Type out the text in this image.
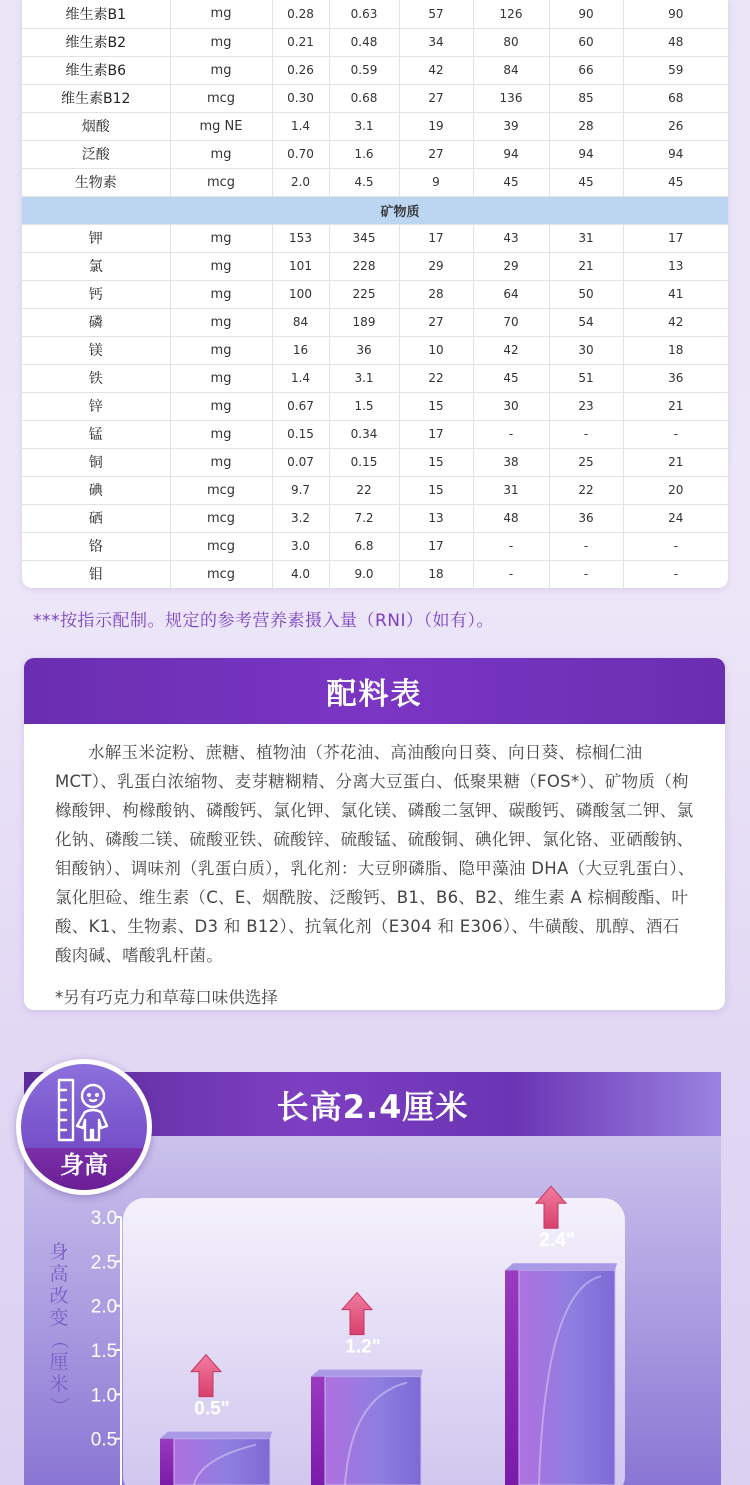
维生素B1	mg	0.28	0.63	57	126	90	90
维生素B2	mg	0.21	0.48	34	80	60	48
维生素B6	mg	0.26	0.59	42	84	66	59
维生素B12	mcg	0.30	0.68	27	136	85	68
烟酸	mg NE	1.4	3.1	19	39	28	26
泛酸	mg	0.70	1.6	27	94	94	94
生物素	mcg	2.0	4.5	9	45	45	45
矿物质							
钾	mg	153	345	17	43	31	17
氯	mg	101	228	29	29	21	13
钙	mg	100	225	28	64	50	41
磷	mg	84	189	27	70	54	42
镁	mg	16	36	10	42	30	18
铁	mg	1.4	3.1	22	45	51	36
锌	mg	0.67	1.5	15	30	23	21
锰	mg	0.15	0.34	17	-	-	-
铜	mg	0.07	0.15	15	38	25	21
碘	mcg	9.7	22	15	31	22	20
硒	mcg	3.2	7.2	13	48	36	24
铬	mcg	3.0	6.8	17	-	-	-
钼	mcg	4.0	9.0	18	-	-	-
***按指示配制。规定的参考营养素摄入量（RNI）（如有）。
配料表

水解玉米淀粉、蔗糖、植物油（芥花油、高油酸向日葵、向日葵、棕榈仁油 MCT）、乳蛋白浓缩物、麦芽糖糊精、分离大豆蛋白、低聚果糖（FOS*）、矿物质（枸橼酸钾、枸橼酸钠、磷酸钙、氯化钾、氯化镁、磷酸二氢钾、碳酸钙、磷酸氢二钾、氯化钠、磷酸二镁、硫酸亚铁、硫酸锌、硫酸锰、硫酸铜、碘化钾、氯化铬、亚硒酸钠、钼酸钠）、调味剂（乳蛋白质），乳化剂：大豆卵磷脂、隐甲藻油 DHA（大豆乳蛋白）、氯化胆硷、维生素（C、E、烟酰胺、泛酸钙、B1、B6、B2、维生素 A 棕榈酸酯、叶酸、K1、生物素、D3 和 B12）、抗氧化剂（E304 和 E306）、牛磺酸、肌醇、酒石酸肉碱、嗜酸乳杆菌。

*另有巧克力和草莓口味供选择

长高2.4厘米
3.0
2.5
2.0
1.5
1.0
0.5
身
高
改
变
（
厘
米
）	0.5"
1.2"
2.4"
身高
